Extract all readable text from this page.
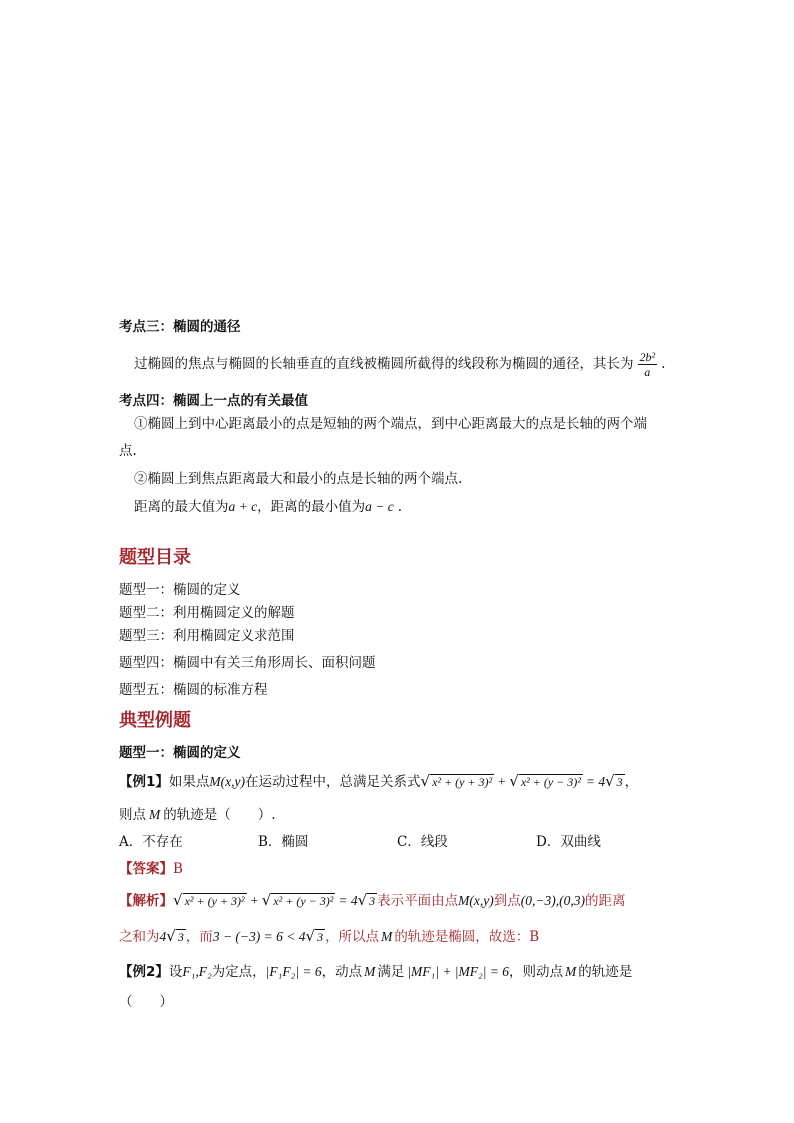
考点三：椭圆的通径
过椭圆的焦点与椭圆的长轴垂直的直线被椭圆所截得的线段称为椭圆的通径，其长为 $\frac{\text{2b²}}{a}$ .
考点四：椭圆上一点的有关最值
①椭圆上到中心距离最小的点是短轴的两个端点，到中心距离最大的点是长轴的两个端
点.
②椭圆上到焦点距离最大和最小的点是长轴的两个端点.
距离的最大值为a + c，距离的最小值为a − c .
题型目录
题型一：椭圆的定义
题型二：利用椭圆定义的解题
题型三：利用椭圆定义求范围
题型四：椭圆中有关三角形周长、面积问题
题型五：椭圆的标准方程
典型例题
题型一：椭圆的定义
【例1】如果点M(x,y)在运动过程中，总满足关系式√ x² + (y + 3)² + √ x² + (y − 3)² = 4√ 3 ，
则点 M 的轨迹是（　　）.
A．不存在	B．椭圆	C．线段	D．双曲线
【答案】B
【解析】√ x² + (y + 3)² + √ x² + (y − 3)² = 4√ 3 表示平面由点M(x,y)到点(0,−3),(0,3)的距离
之和为4√ 3 ，而3 − (−3) = 6 < 4√ 3 ，所以点 M 的轨迹是椭圆，故选：B
【例2】设F₁,F₂为定点，|F₁F₂| = 6，动点 M 满足 |MF₁| + |MF₂| = 6，则动点 M 的轨迹是
（　　）
